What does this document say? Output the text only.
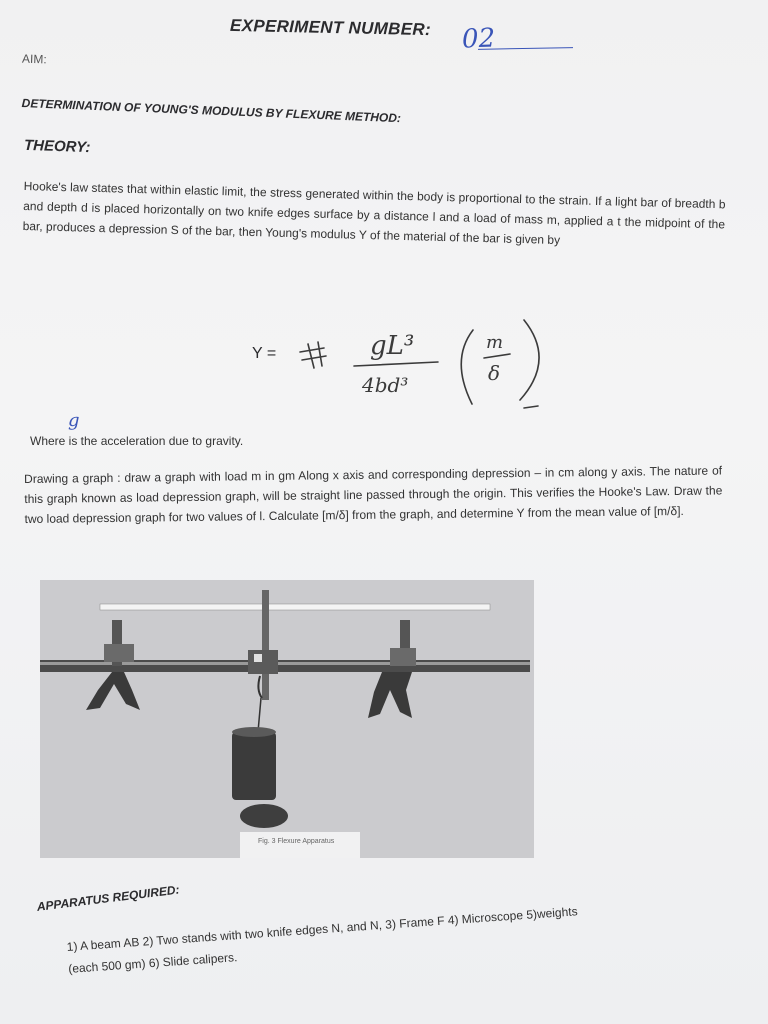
EXPERIMENT NUMBER: 02
AIM:
DETERMINATION OF YOUNG'S MODULUS BY FLEXURE METHOD:
THEORY:
Hooke's law states that within elastic limit, the stress generated within the body is proportional to the strain. If a light bar of breadth b and depth d is placed horizontally on two knife edges surface by a distance l and a load of mass m, applied a t the midpoint of the bar, produces a depression S of the bar, then Young's modulus Y of the material of the bar is given by
Y =	gL³
4bd³
m
δ
g
Where is the acceleration due to gravity.
Drawing a graph : draw a graph with load m in gm Along x axis and corresponding depression – in cm along y axis. The nature of this graph known as load depression graph, will be straight line passed through the origin. This verifies the Hooke's Law. Draw the two load depression graph for two values of l. Calculate [m/δ] from the graph, and determine Y from the mean value of [m/δ].
Fig. 3 Flexure Apparatus
APPARATUS REQUIRED:
1) A beam AB 2) Two stands with two knife edges N, and N, 3) Frame F 4) Microscope 5)weights
(each 500 gm) 6) Slide calipers.
